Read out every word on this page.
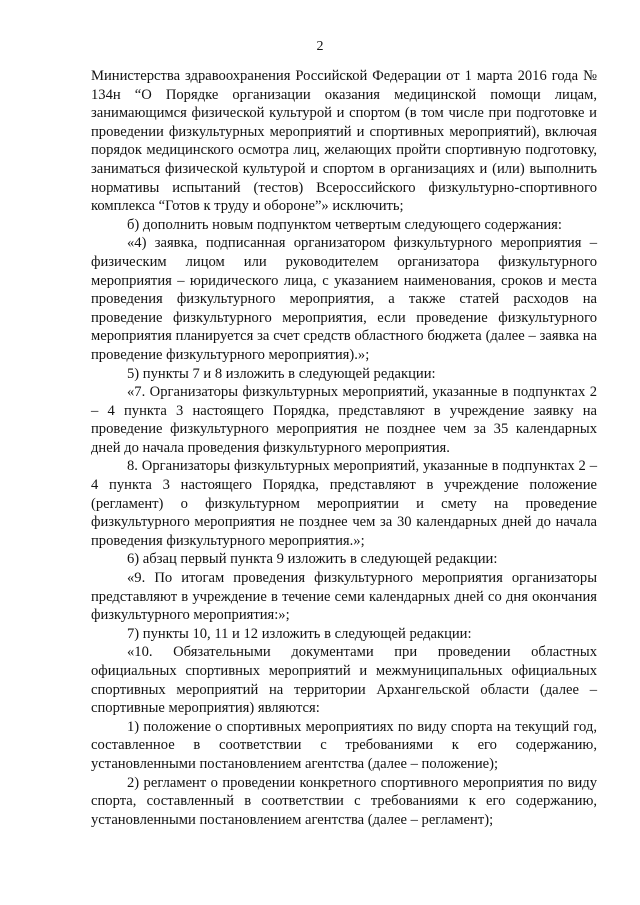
2

Министерства здравоохранения Российской Федерации от 1 марта 2016 года № 134н “О Порядке организации оказания медицинской помощи лицам, занимающимся физической культурой и спортом (в том числе при подготовке и проведении физкультурных мероприятий и спортивных мероприятий), включая порядок медицинского осмотра лиц, желающих пройти спортивную подготовку, заниматься физической культурой и спортом в организациях и (или) выполнить нормативы испытаний (тестов) Всероссийского физкультурно-спортивного комплекса “Готов к труду и обороне”» исключить;

б) дополнить новым подпунктом четвертым следующего содержания:

«4) заявка, подписанная организатором физкультурного мероприятия – физическим лицом или руководителем организатора физкультурного мероприятия – юридического лица, с указанием наименования, сроков и места проведения физкультурного мероприятия, а также статей расходов на проведение физкультурного мероприятия, если проведение физкультурного мероприятия планируется за счет средств областного бюджета (далее – заявка на проведение физкультурного мероприятия).»;

5) пункты 7 и 8 изложить в следующей редакции:

«7. Организаторы физкультурных мероприятий, указанные в подпунктах 2 – 4 пункта 3 настоящего Порядка, представляют в учреждение заявку на проведение физкультурного мероприятия не позднее чем за 35 календарных дней до начала проведения физкультурного мероприятия.

8. Организаторы физкультурных мероприятий, указанные в подпунктах 2 – 4 пункта 3 настоящего Порядка, представляют в учреждение положение (регламент) о физкультурном мероприятии и смету на проведение физкультурного мероприятия не позднее чем за 30 календарных дней до начала проведения физкультурного мероприятия.»;

6) абзац первый пункта 9 изложить в следующей редакции:

«9. По итогам проведения физкультурного мероприятия организаторы представляют в учреждение в течение семи календарных дней со дня окончания физкультурного мероприятия:»;

7) пункты 10, 11 и 12 изложить в следующей редакции:

«10. Обязательными документами при проведении областных официальных спортивных мероприятий и межмуниципальных официальных спортивных мероприятий на территории Архангельской области (далее – спортивные мероприятия) являются:

1) положение о спортивных мероприятиях по виду спорта на текущий год, составленное в соответствии с требованиями к его содержанию, установленными постановлением агентства (далее – положение);

2) регламент о проведении конкретного спортивного мероприятия по виду спорта, составленный в соответствии с требованиями к его содержанию, установленными постановлением агентства (далее – регламент);
